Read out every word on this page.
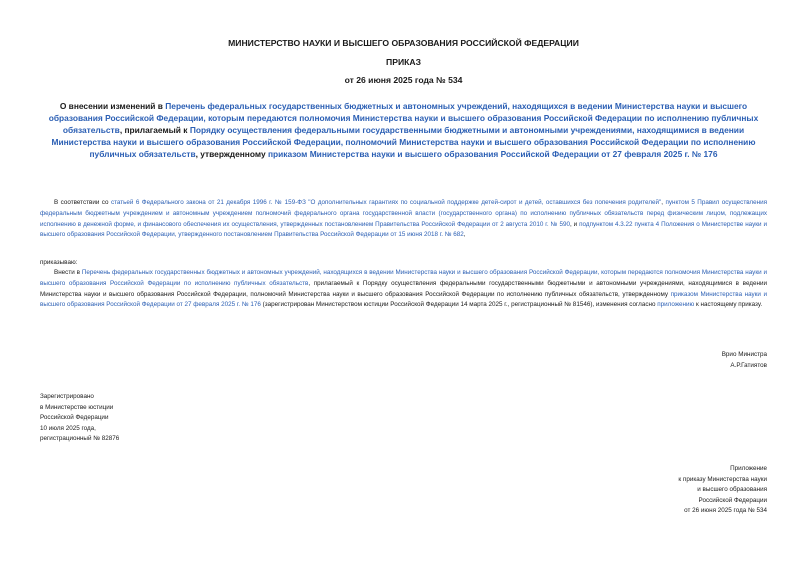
МИНИСТЕРСТВО НАУКИ И ВЫСШЕГО ОБРАЗОВАНИЯ РОССИЙСКОЙ ФЕДЕРАЦИИ
ПРИКАЗ
от 26 июня 2025 года № 534
О внесении изменений в Перечень федеральных государственных бюджетных и автономных учреждений, находящихся в ведении Министерства науки и высшего образования Российской Федерации, которым передаются полномочия Министерства науки и высшего образования Российской Федерации по исполнению публичных обязательств, прилагаемый к Порядку осуществления федеральными государственными бюджетными и автономными учреждениями, находящимися в ведении Министерства науки и высшего образования Российской Федерации, полномочий Министерства науки и высшего образования Российской Федерации по исполнению публичных обязательств, утвержденному приказом Министерства науки и высшего образования Российской Федерации от 27 февраля 2025 г. № 176
В соответствии со статьей 6 Федерального закона от 21 декабря 1996 г. № 159-ФЗ "О дополнительных гарантиях по социальной поддержке детей-сирот и детей, оставшихся без попечения родителей", пунктом 5 Правил осуществления федеральным бюджетным учреждением и автономным учреждением полномочий федерального органа государственной власти (государственного органа) по исполнению публичных обязательств перед физическим лицом, подлежащих исполнению в денежной форме, и финансового обеспечения их осуществления, утвержденных постановлением Правительства Российской Федерации от 2 августа 2010 г. № 590, и подпунктом 4.3.22 пункта 4 Положения о Министерстве науки и высшего образования Российской Федерации, утвержденного постановлением Правительства Российской Федерации от 15 июня 2018 г. № 682,
приказываю:
Внести в Перечень федеральных государственных бюджетных и автономных учреждений, находящихся в ведении Министерства науки и высшего образования Российской Федерации, которым передаются полномочия Министерства науки и высшего образования Российской Федерации по исполнению публичных обязательств, прилагаемый к Порядку осуществления федеральными государственными бюджетными и автономными учреждениями, находящимися в ведении Министерства науки и высшего образования Российской Федерации, полномочий Министерства науки и высшего образования Российской Федерации по исполнению публичных обязательств, утвержденному приказом Министерства науки и высшего образования Российской Федерации от 27 февраля 2025 г. № 176 (зарегистрирован Министерством юстиции Российской Федерации 14 марта 2025 г., регистрационный № 81546), изменения согласно приложению к настоящему приказу.
Врио Министра
А.Р.Гатиятов
Зарегистрировано
в Министерстве юстиции
Российской Федерации
10 июля 2025 года,
регистрационный № 82876
Приложение
к приказу Министерства науки
и высшего образования
Российской Федерации
от 26 июня 2025 года № 534
